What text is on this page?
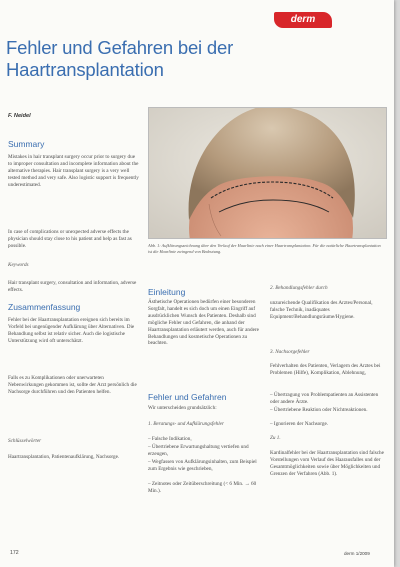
derm
Fehler und Gefahren bei der Haartransplantation
F. Neidel
Summary
Mistakes in hair transplant surgery occur prior to surgery due to improper consultation and incomplete information about the alternative therapies. Hair transplant surgery is a very well tested method and very safe. Also logistic support is frequently underestimated.
In case of complications or unexpected adverse effects the physician should stay close to his patient and help as fast as possible.
Keywords
Hair transplant surgery, consultation and information, adverse effects.
Zusammenfassung
Fehler bei der Haartransplantation ereignen sich bereits im Vorfeld bei ungenügender Aufklärung über Alternativen. Die Behandlung selbst ist relativ sicher. Auch die logistische Unterstützung wird oft unterschätzt.
Falls es zu Komplikationen oder unerwarteten Nebenwirkungen gekommen ist, sollte der Arzt persönlich die Nachsorge durchführen und den Patienten helfen.
Schlüsselwörter
Haartransplantation, Patientenaufklärung, Nachsorge.
Abb. 1: Aufklärungszeichnung über den Verlauf der Haarlinie nach einer Haartransplantation. Für die natürliche Haartransplantation ist die Haarlinie zwingend von Bedeutung.
Einleitung
Ästhetische Operationen bedürfen einer besonderen Sorgfalt, handelt es sich doch um einen Eingriff auf ausdrücklichen Wunsch des Patienten. Deshalb sind mögliche Fehler und Gefahren, die anhand der Haartransplantation erläutert werden, auch für andere Behandlungen und kosmetische Operationen zu beachten.
Fehler und Gefahren
Wir unterscheiden grundsätzlich:
1. Beratungs- und Aufklärungsfehler
– Falsche Indikation,
– Übertriebene Erwartungshaltung vertiefen und erzeugen,
– Wegfassen von Aufklärungsinhalten, zum Beispiel zum Ergebnis wie geschrieben,
– Zeitnotes oder Zeitüberschreitung (< 6 Min. → 60 Min.).
2. Behandlungsfehler durch
unzureichende Qualifikation des Arztes/Personal, falsche Technik, inadäquates Equipment/Behandlungsräume/Hygiene.
3. Nachsorgefehler
Fehlverhalten des Patienten, Verlagern des Arztes bei Problemen (Hilfe), Komplikation, Ablehnung,
– Übertragung von Problempatienten an Assistenten oder andere Ärzte.
– Übertriebene Reaktion oder Nichtreaktionen.
– Ignorieren der Nachsorge.
Zu 1.
Kardinalfehler bei der Haartransplantation sind falsche Vorstellungen vom Verlauf des Haarausfalles und der Gesamtmöglichkeiten sowie über Möglichkeiten und Grenzen der Verfahren (Abb. 1).
172	derm 1/2009
